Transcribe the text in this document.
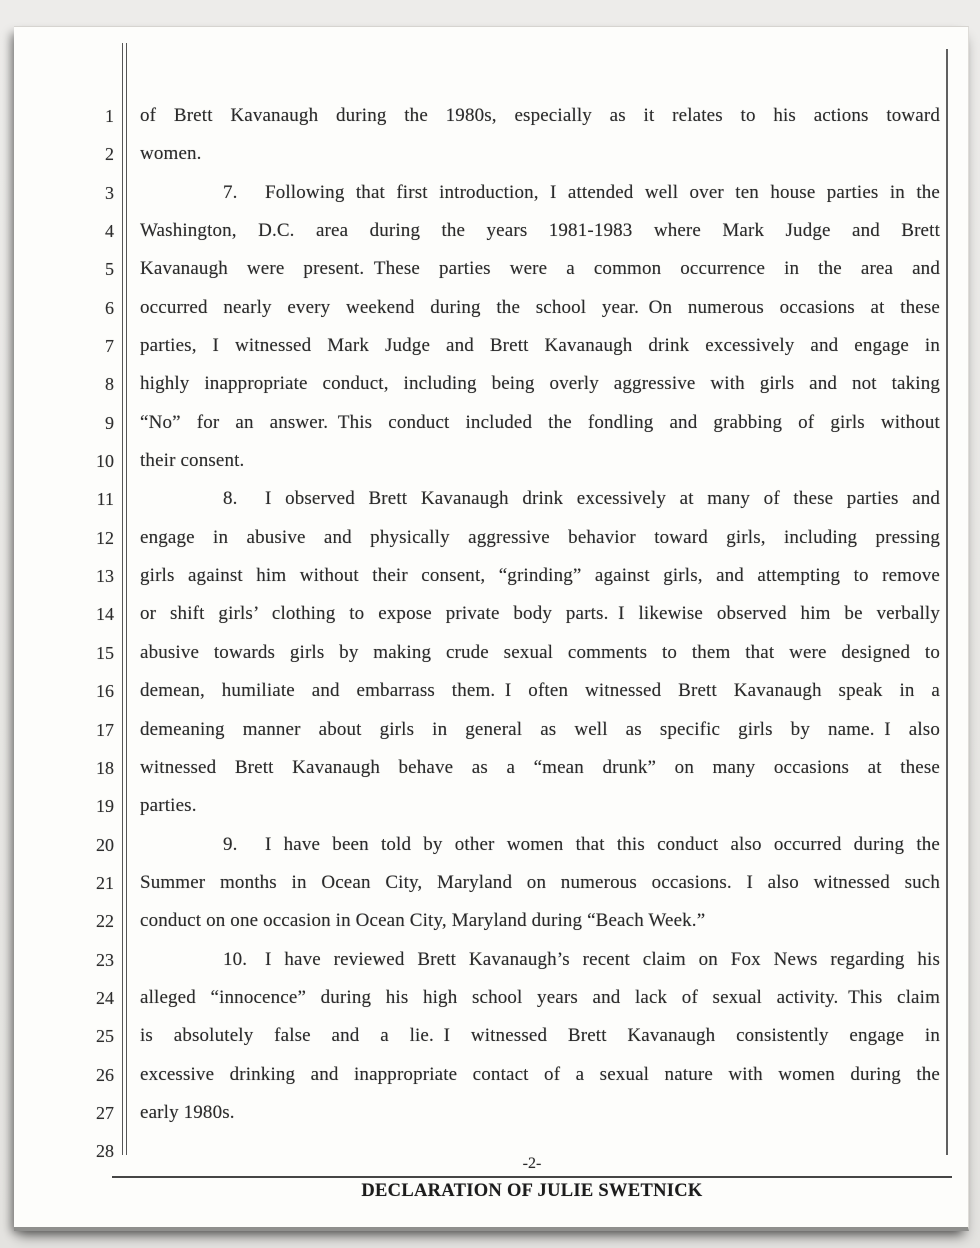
1 of Brett Kavanaugh during the 1980s, especially as it relates to his actions toward
2 women.
3	7. Following that first introduction, I attended well over ten house parties in the
4 Washington, D.C. area during the years 1981-1983 where Mark Judge and Brett
5 Kavanaugh were present. These parties were a common occurrence in the area and
6 occurred nearly every weekend during the school year. On numerous occasions at these
7 parties, I witnessed Mark Judge and Brett Kavanaugh drink excessively and engage in
8 highly inappropriate conduct, including being overly aggressive with girls and not taking
9 “No” for an answer. This conduct included the fondling and grabbing of girls without
10 their consent.
11	8. I observed Brett Kavanaugh drink excessively at many of these parties and
12 engage in abusive and physically aggressive behavior toward girls, including pressing
13 girls against him without their consent, “grinding” against girls, and attempting to remove
14 or shift girls’ clothing to expose private body parts. I likewise observed him be verbally
15 abusive towards girls by making crude sexual comments to them that were designed to
16 demean, humiliate and embarrass them. I often witnessed Brett Kavanaugh speak in a
17 demeaning manner about girls in general as well as specific girls by name. I also
18 witnessed Brett Kavanaugh behave as a “mean drunk” on many occasions at these
19 parties.
20	9. I have been told by other women that this conduct also occurred during the
21 Summer months in Ocean City, Maryland on numerous occasions. I also witnessed such
22 conduct on one occasion in Ocean City, Maryland during “Beach Week.”
23	10. I have reviewed Brett Kavanaugh’s recent claim on Fox News regarding his
24 alleged “innocence” during his high school years and lack of sexual activity. This claim
25 is absolutely false and a lie. I witnessed Brett Kavanaugh consistently engage in
26 excessive drinking and inappropriate contact of a sexual nature with women during the
27 early 1980s.
28
-2-
DECLARATION OF JULIE SWETNICK
